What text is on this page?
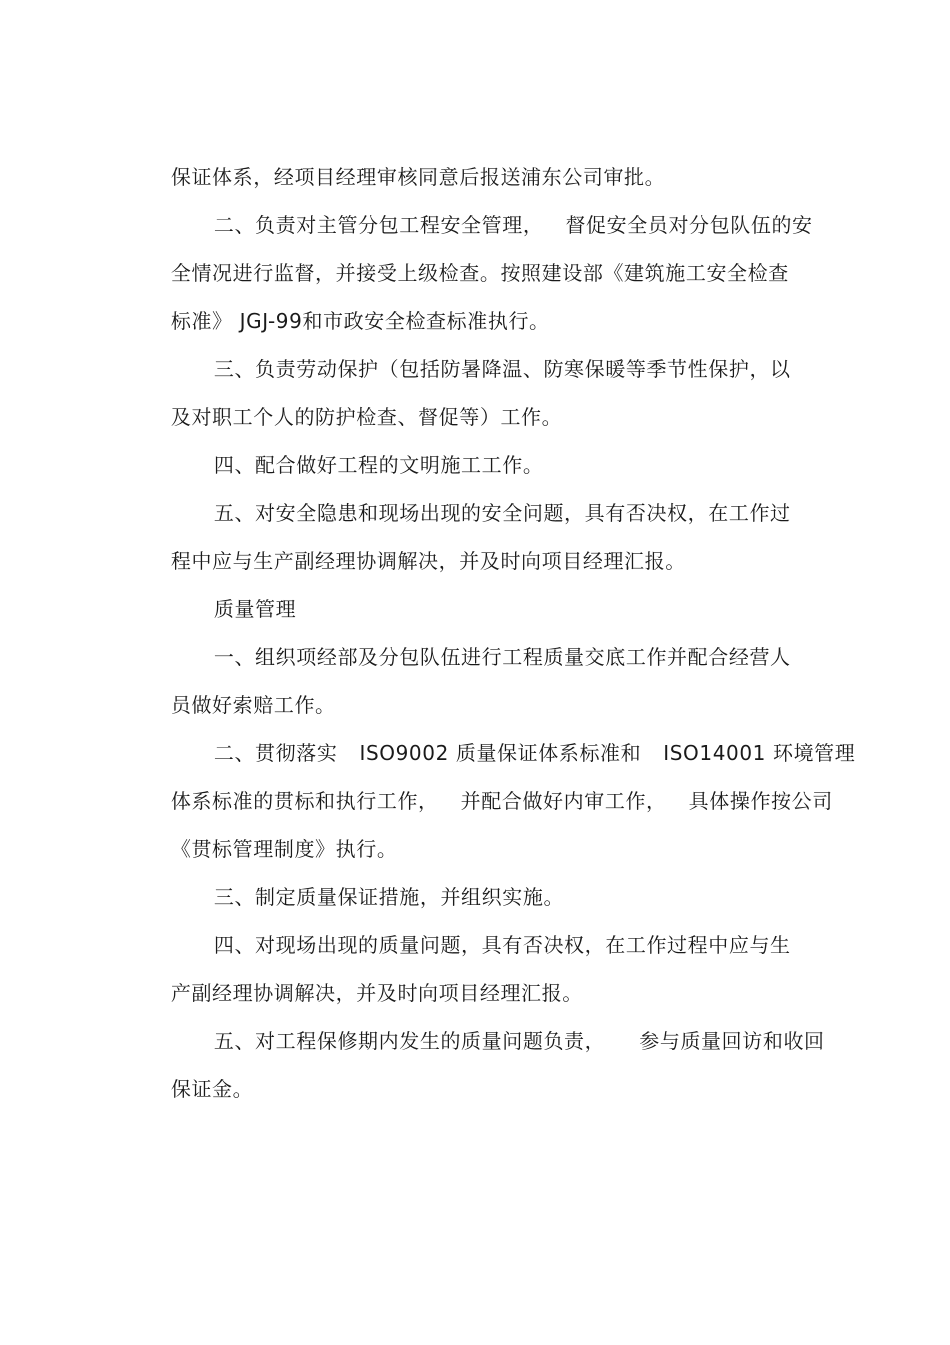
保证体系，经项目经理审核同意后报送浦东公司审批。

二、负责对主管分包工程安全管理， 督促安全员对分包队伍的安

全情况进行监督，并接受上级检查。按照建设部《建筑施工安全检查

标准》 JGJ-99和市政安全检查标准执行。

三、负责劳动保护（包括防暑降温、防寒保暖等季节性保护，以

及对职工个人的防护检查、督促等）工作。

四、配合做好工程的文明施工工作。

五、对安全隐患和现场出现的安全问题，具有否决权，在工作过

程中应与生产副经理协调解决，并及时向项目经理汇报。

质量管理

一、组织项经部及分包队伍进行工程质量交底工作并配合经营人

员做好索赔工作。

二、贯彻落实 ISO9002 质量保证体系标准和 ISO14001 环境管理

体系标准的贯标和执行工作， 并配合做好内审工作， 具体操作按公司

《贯标管理制度》执行。

三、制定质量保证措施，并组织实施。

四、对现场出现的质量问题，具有否决权，在工作过程中应与生

产副经理协调解决，并及时向项目经理汇报。

五、对工程保修期内发生的质量问题负责， 参与质量回访和收回

保证金。
